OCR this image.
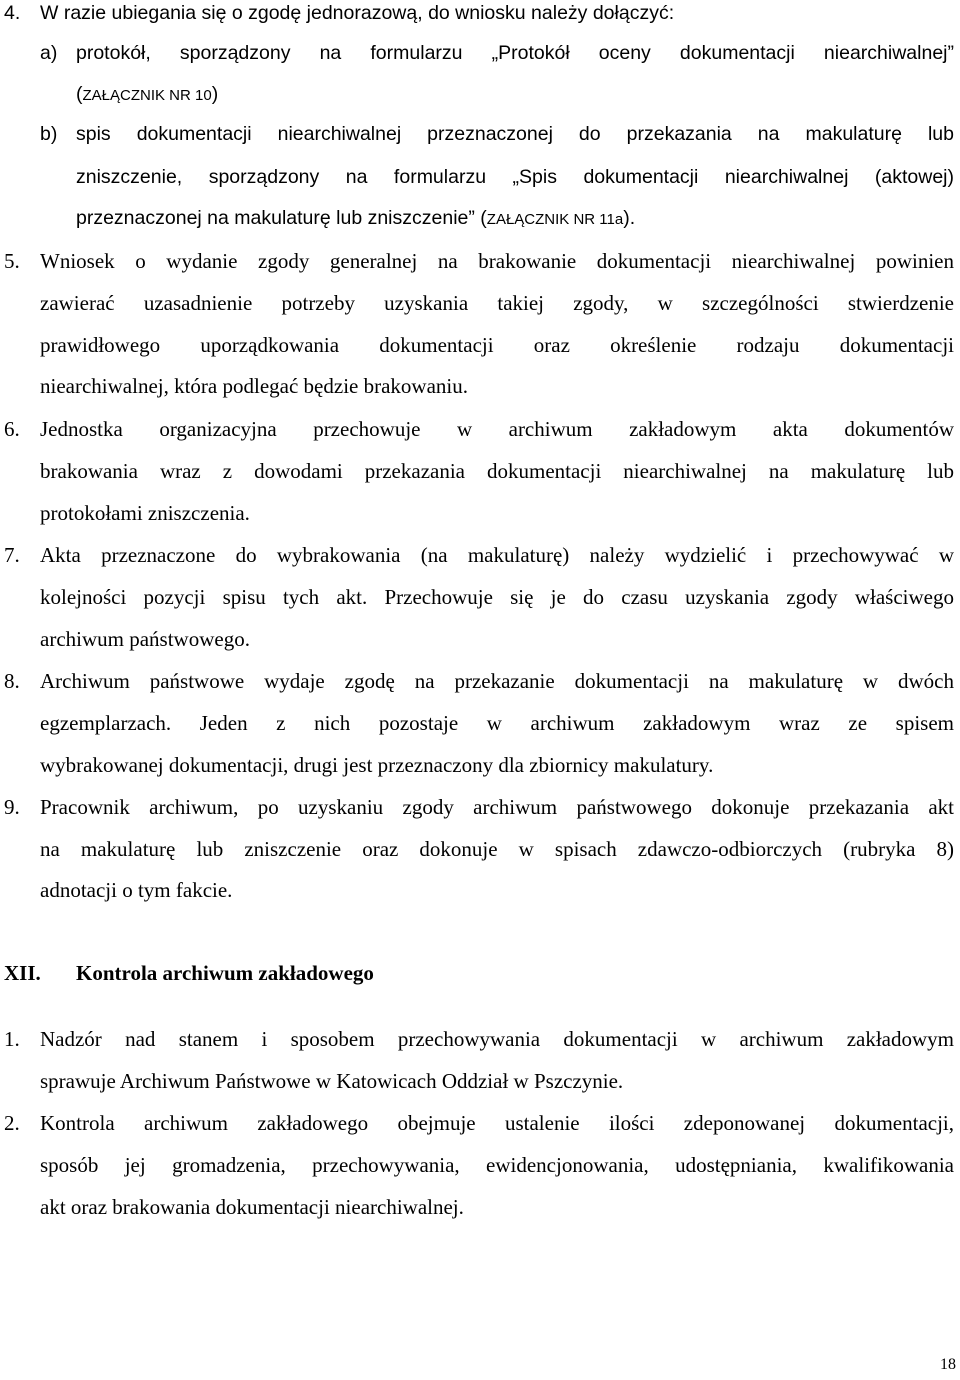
4. W razie ubiegania się o zgodę jednorazową, do wniosku należy dołączyć:
a) protokół, sporządzony na formularzu „Protokół oceny dokumentacji niearchiwalnej”
(ZAŁĄCZNIK NR 10)
b) spis dokumentacji niearchiwalnej przeznaczonej do przekazania na makulaturę lub
zniszczenie, sporządzony na formularzu „Spis dokumentacji niearchiwalnej (aktowej)
przeznaczonej na makulaturę lub zniszczenie” (ZAŁĄCZNIK NR 11a).
5. Wniosek o wydanie zgody generalnej na brakowanie dokumentacji niearchiwalnej powinien
zawierać uzasadnienie potrzeby uzyskania takiej zgody, w szczególności stwierdzenie
prawidłowego uporządkowania dokumentacji oraz określenie rodzaju dokumentacji
niearchiwalnej, która podlegać będzie brakowaniu.
6. Jednostka organizacyjna przechowuje w archiwum zakładowym akta dokumentów
brakowania wraz z dowodami przekazania dokumentacji niearchiwalnej na makulaturę lub
protokołami zniszczenia.
7. Akta przeznaczone do wybrakowania (na makulaturę) należy wydzielić i przechowywać w
kolejności pozycji spisu tych akt. Przechowuje się je do czasu uzyskania zgody właściwego
archiwum państwowego.
8. Archiwum państwowe wydaje zgodę na przekazanie dokumentacji na makulaturę w dwóch
egzemplarzach. Jeden z nich pozostaje w archiwum zakładowym wraz ze spisem
wybrakowanej dokumentacji, drugi jest przeznaczony dla zbiornicy makulatury.
9. Pracownik archiwum, po uzyskaniu zgody archiwum państwowego dokonuje przekazania akt
na makulaturę lub zniszczenie oraz dokonuje w spisach zdawczo-odbiorczych (rubryka 8)
adnotacji o tym fakcie.
XII. Kontrola archiwum zakładowego
1. Nadzór nad stanem i sposobem przechowywania dokumentacji w archiwum zakładowym
sprawuje Archiwum Państwowe w Katowicach Oddział w Pszczynie.
2. Kontrola archiwum zakładowego obejmuje ustalenie ilości zdeponowanej dokumentacji,
sposób jej gromadzenia, przechowywania, ewidencjonowania, udostępniania, kwalifikowania
akt oraz brakowania dokumentacji niearchiwalnej.
18
